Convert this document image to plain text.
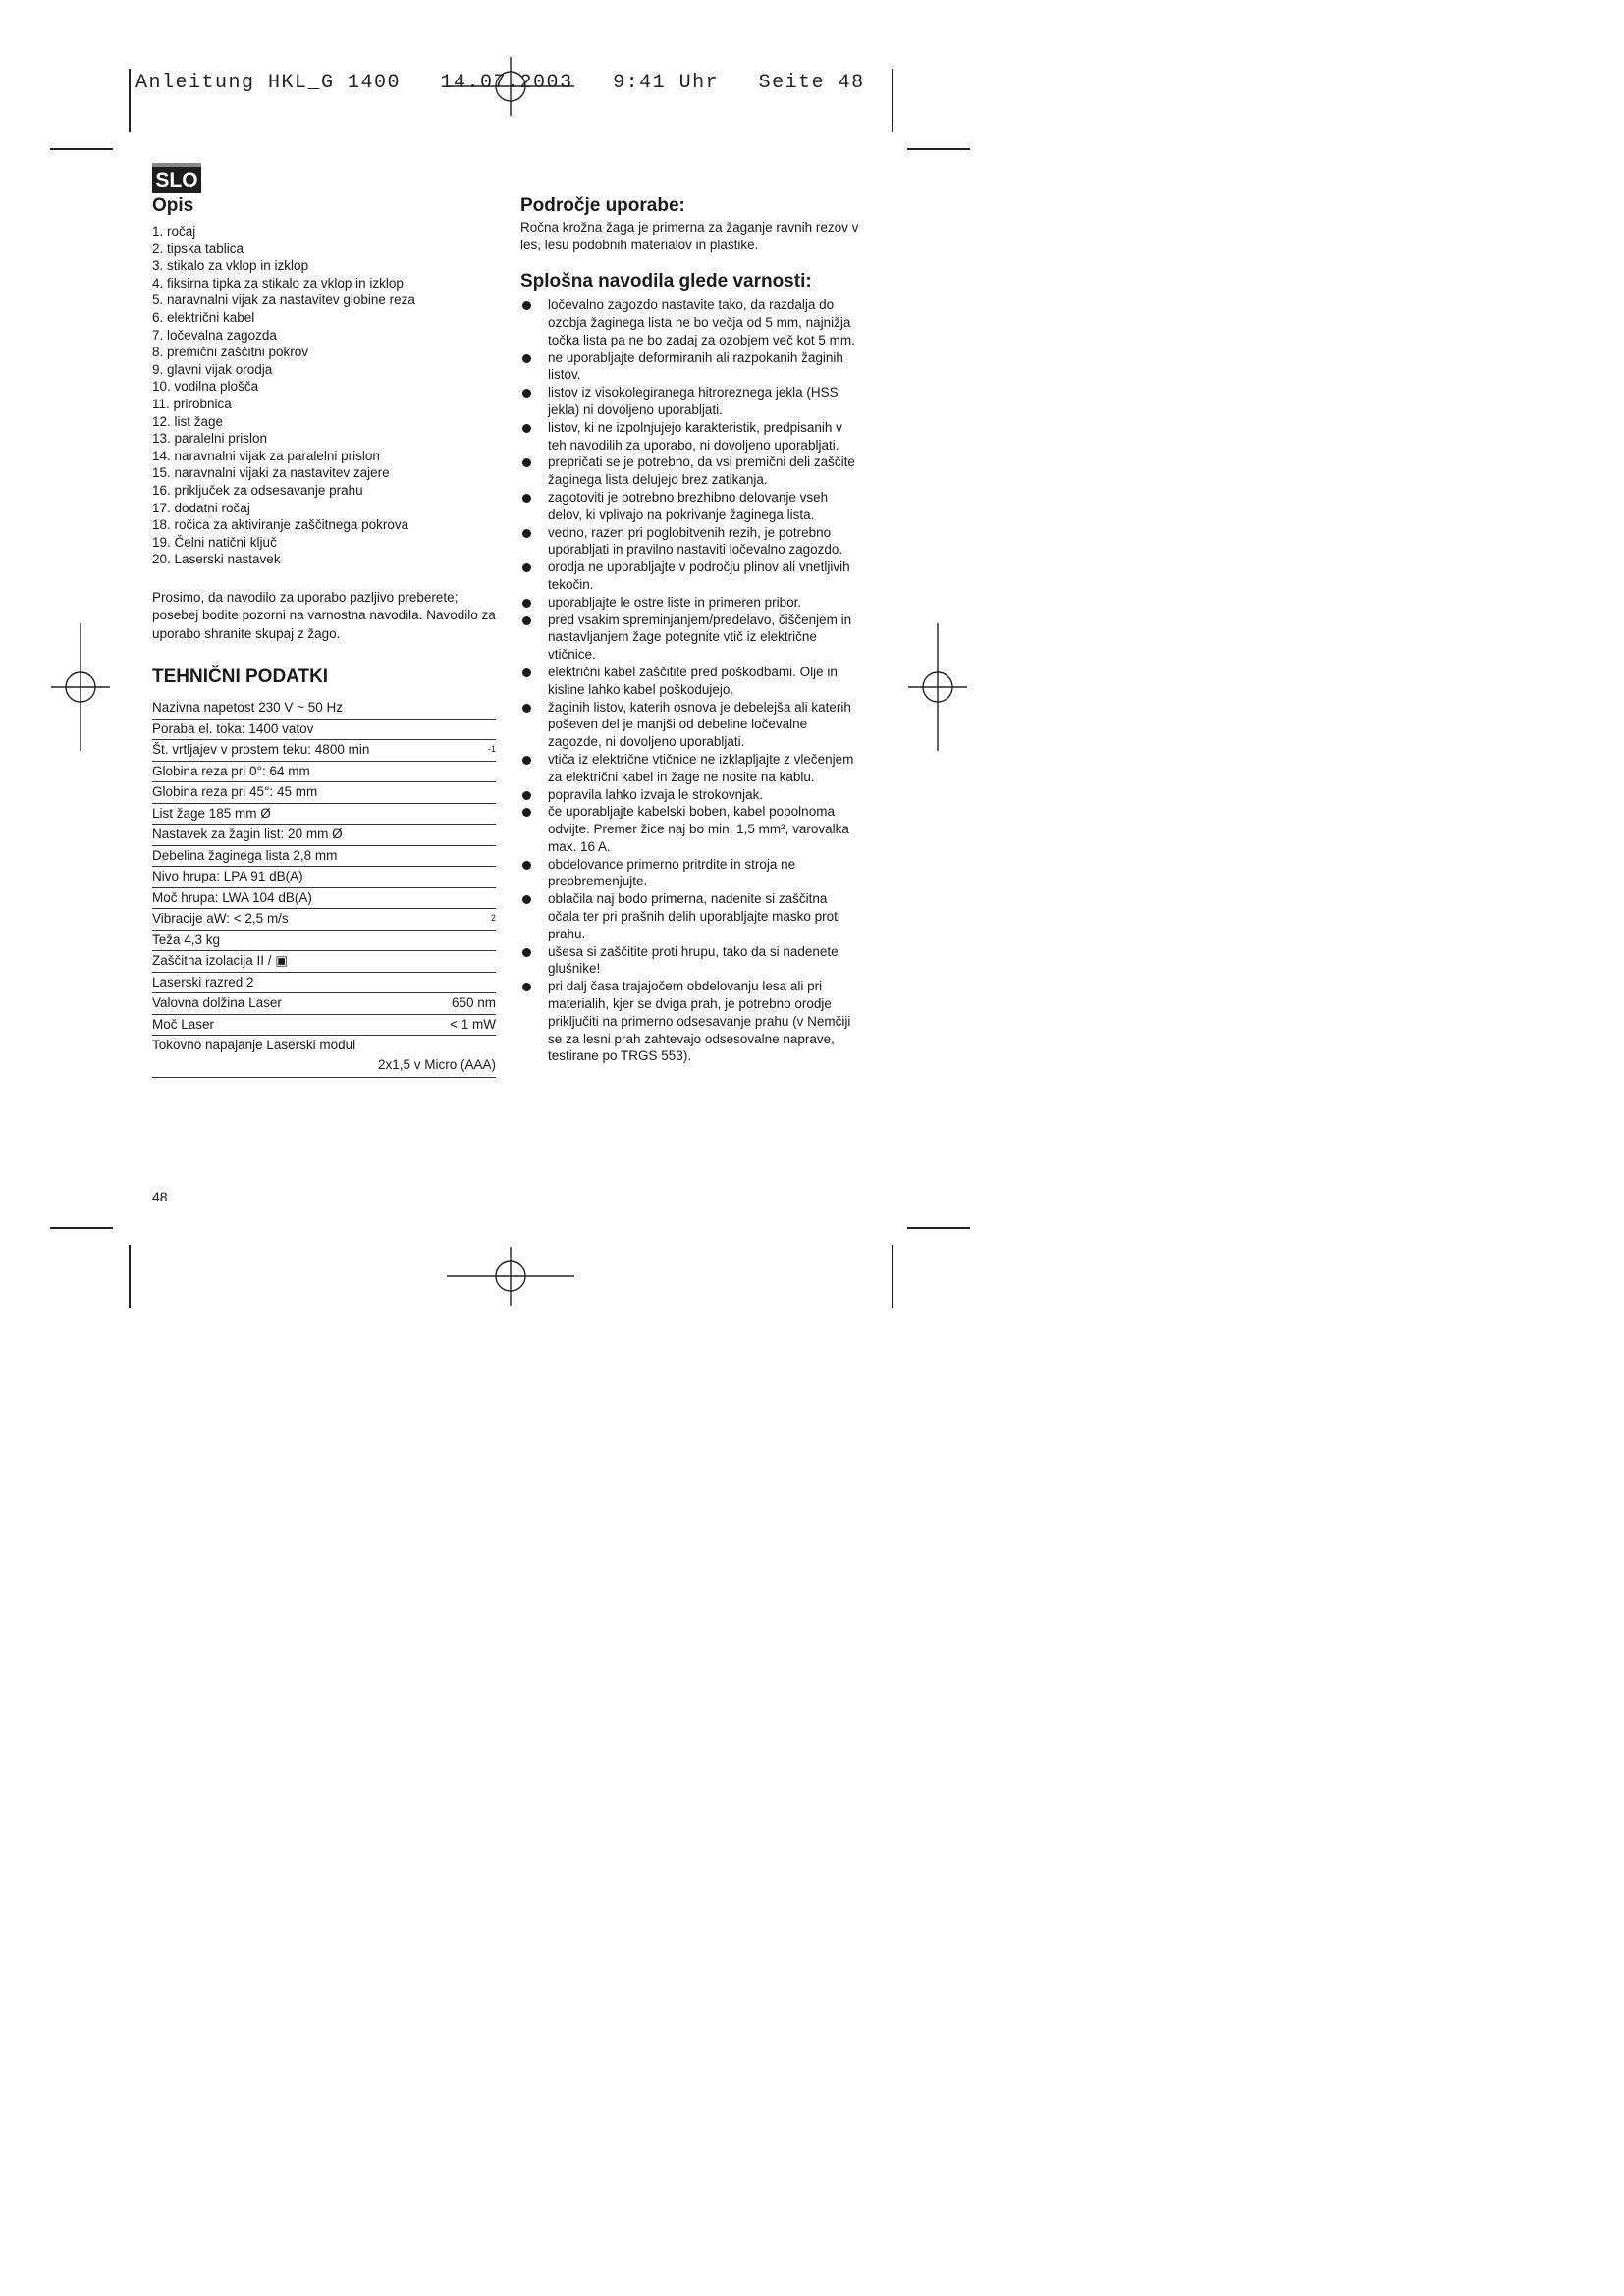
Anleitung HKL_G 1400   14.07.2003   9:41 Uhr   Seite 48
SLO
Opis
1. ročaj
2. tipska tablica
3. stikalo za vklop in izklop
4. fiksirna tipka za stikalo za vklop in izklop
5. naravnalni vijak za nastavitev globine reza
6. električni kabel
7. ločevalna zagozda
8. premični zaščitni pokrov
9. glavni vijak orodja
10. vodilna plošča
11. prirobnica
12. list žage
13. paralelni prislon
14. naravnalni vijak za paralelni prislon
15. naravnalni vijaki za nastavitev zajere
16. priključek za odsesavanje prahu
17. dodatni ročaj
18. ročica za aktiviranje zaščitnega pokrova
19. Čelni natični ključ
20. Laserski nastavek
Prosimo, da navodilo za uporabo pazljivo preberete; posebej bodite pozorni na varnostna navodila. Navodilo za uporabo shranite skupaj z žago.
TEHNIČNI PODATKI
Nazivna napetost 230 V ~ 50 Hz
Poraba el. toka: 1400 vatov
Št. vrtljajev v prostem teku: 4800 min	-1
Globina reza pri 0°: 64 mm
Globina reza pri 45°: 45 mm
List žage 185 mm Ø
Nastavek za žagin list: 20 mm Ø
Debelina žaginega lista 2,8 mm
Nivo hrupa: LPA 91 dB(A)
Moč hrupa: LWA 104 dB(A)
Vibracije aW: < 2,5 m/s	2
Teža 4,3 kg
Zaščitna izolacija II / ▣
Laserski razred 2
Valovna dolžina Laser	650 nm
Moč Laser	< 1 mW
Tokovno napajanje Laserski modul
2x1,5 v Micro (AAA)
Področje uporabe:
Ročna krožna žaga je primerna za žaganje ravnih rezov v les, lesu podobnih materialov in plastike.
Splošna navodila glede varnosti:
ločevalno zagozdo nastavite tako, da razdalja do ozobja žaginega lista ne bo večja od 5 mm, najnižja točka lista pa ne bo zadaj za ozobjem več kot 5 mm.
ne uporabljajte deformiranih ali razpokanih žaginih listov.
listov iz visokolegiranega hitroreznega jekla (HSS jekla) ni dovoljeno uporabljati.
listov, ki ne izpolnjujejo karakteristik, predpisanih v teh navodilih za uporabo, ni dovoljeno uporabljati.
prepričati se je potrebno, da vsi premični deli zaščite žaginega lista delujejo brez zatikanja.
zagotoviti je potrebno brezhibno delovanje vseh delov, ki vplivajo na pokrivanje žaginega lista.
vedno, razen pri poglobitvenih rezih, je potrebno uporabljati in pravilno nastaviti ločevalno zagozdo.
orodja ne uporabljajte v področju plinov ali vnetljivih tekočin.
uporabljajte le ostre liste in primeren pribor.
pred vsakim spreminjanjem/predelavo, čiščenjem in nastavljanjem žage potegnite vtič iz električne vtičnice.
električni kabel zaščitite pred poškodbami. Olje in kisline lahko kabel poškodujejo.
žaginih listov, katerih osnova je debelejša ali katerih poševen del je manjši od debeline ločevalne zagozde, ni dovoljeno uporabljati.
vtiča iz električne vtičnice ne izklapljajte z vlečenjem za električni kabel in žage ne nosite na kablu.
popravila lahko izvaja le strokovnjak.
če uporabljajte kabelski boben, kabel popolnoma odvijte. Premer žice naj bo min. 1,5 mm², varovalka max. 16 A.
obdelovance primerno pritrdite in stroja ne preobremenjujte.
oblačila naj bodo primerna, nadenite si zaščitna očala ter pri prašnih delih uporabljajte masko proti prahu.
ušesa si zaščitite proti hrupu, tako da si nadenete glušnike!
pri dalj časa trajajočem obdelovanju lesa ali pri materialih, kjer se dviga prah, je potrebno orodje priključiti na primerno odsesavanje prahu (v Nemčiji se za lesni prah zahtevajo odsesovalne naprave, testirane po TRGS 553).
48
